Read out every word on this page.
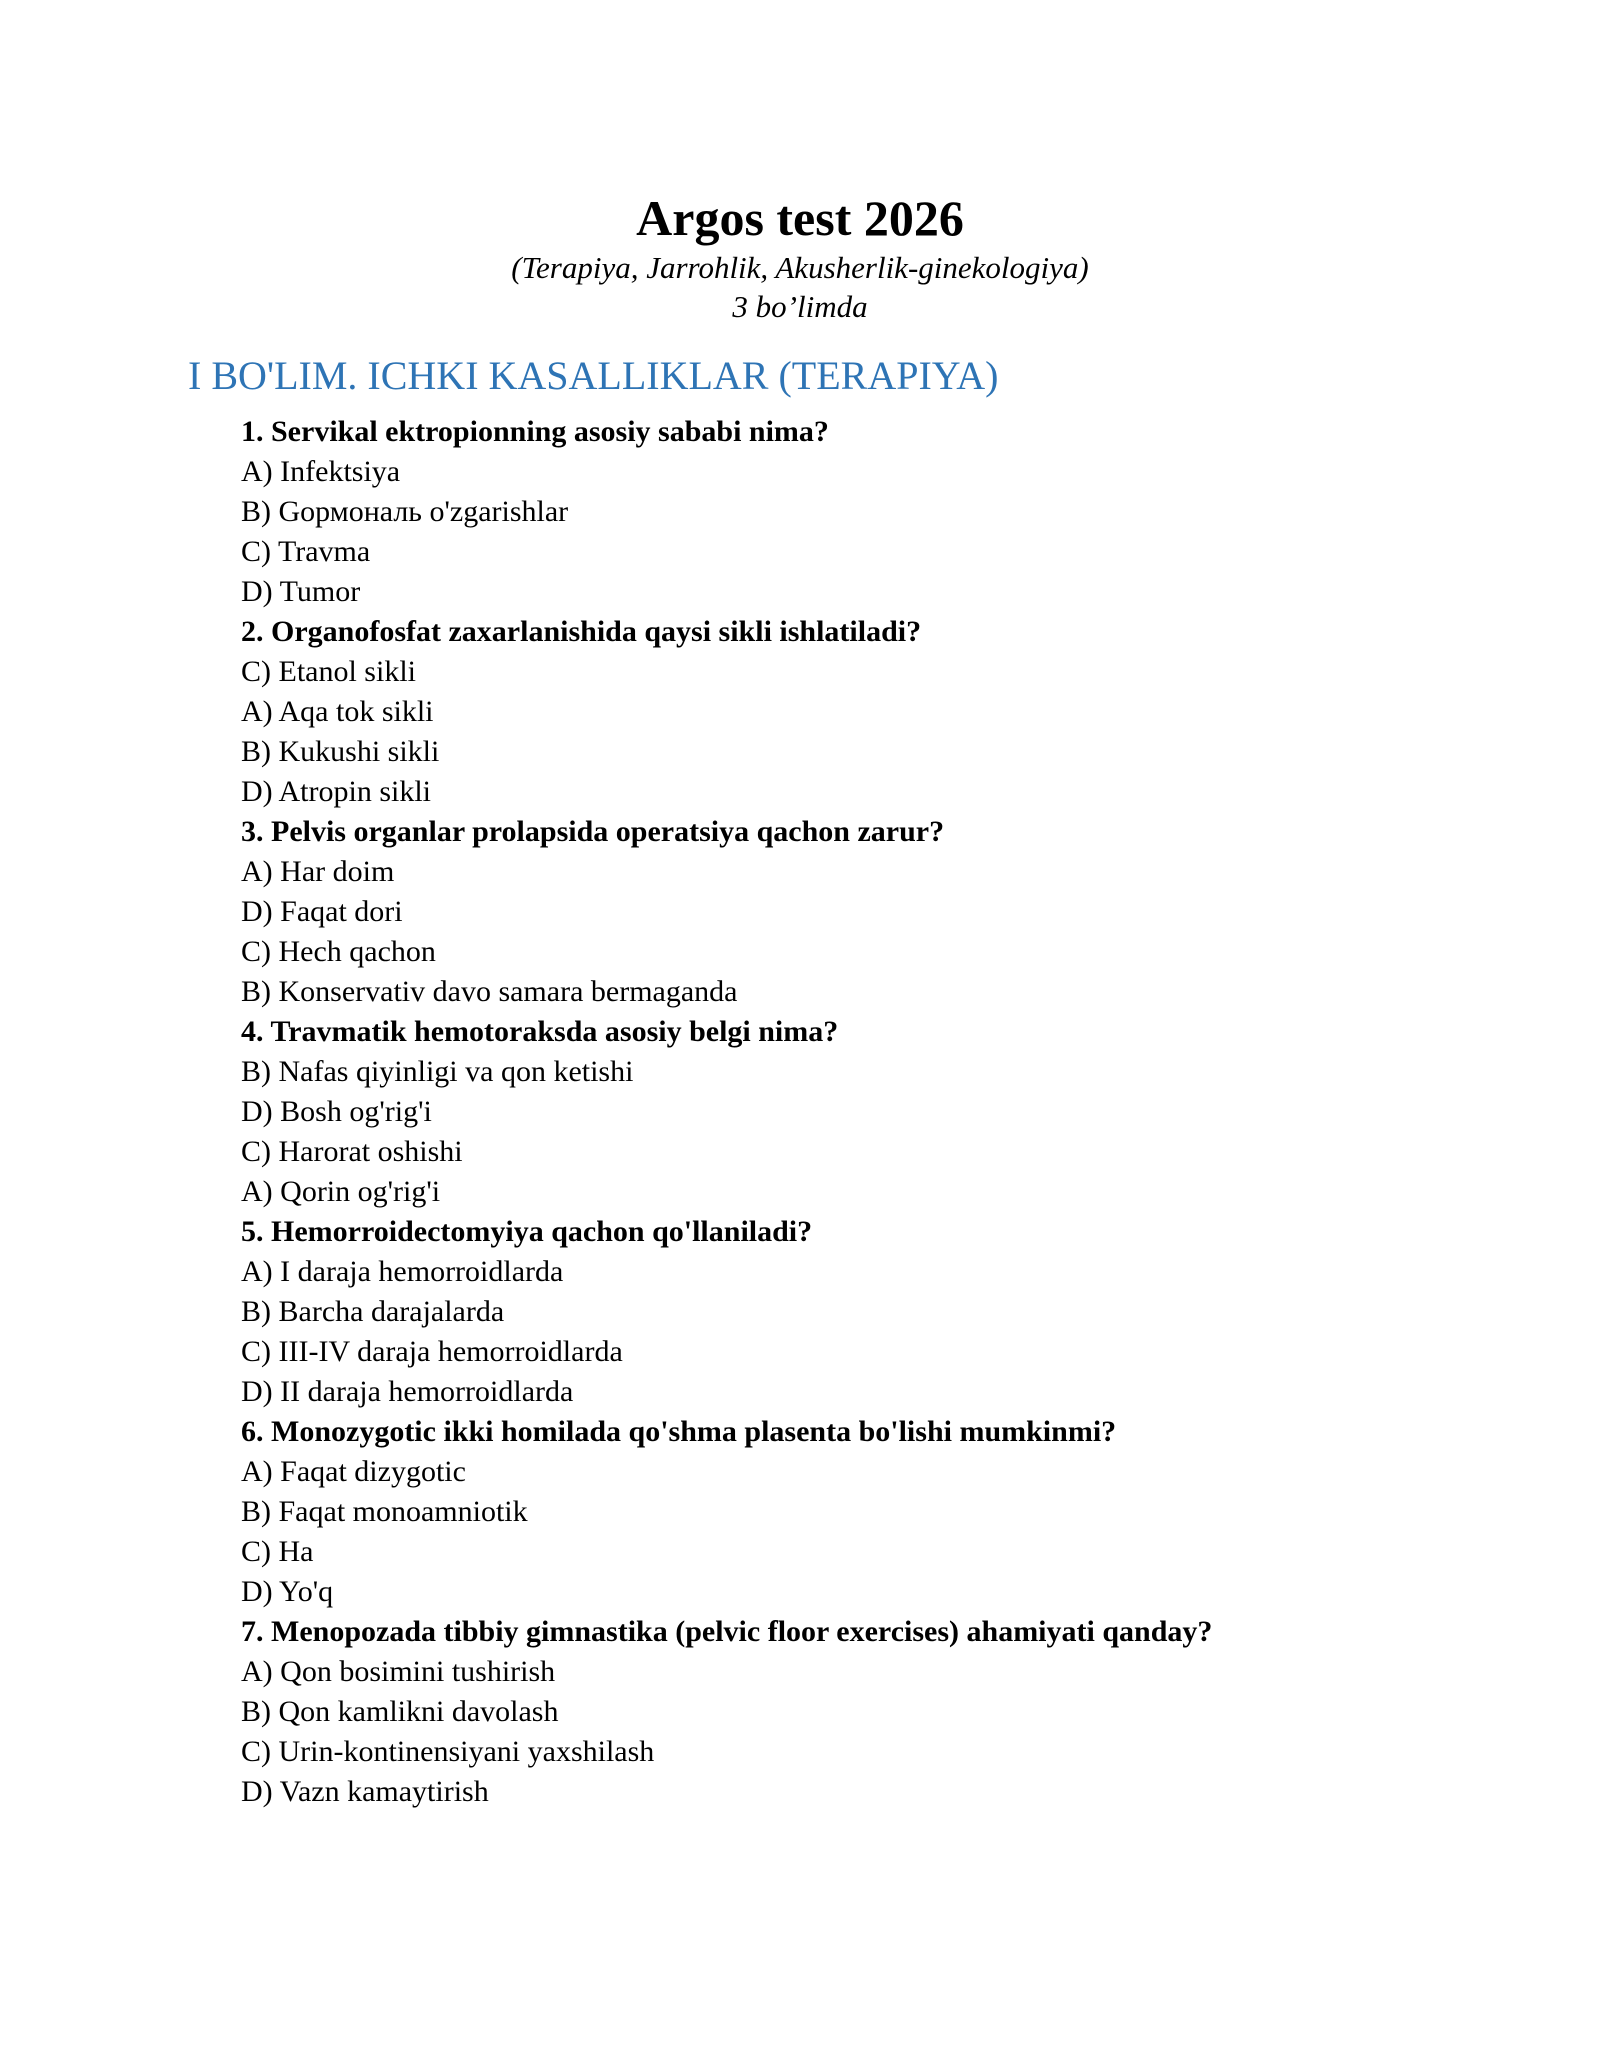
Argos test 2026
(Terapiya, Jarrohlik, Akusherlik-ginekologiya)
3 bo’limda
I BO'LIM. ICHKI KASALLIKLAR (TERAPIYA)
1. Servikal ektropionning asosiy sababi nima?
A) Infektsiya
B) Gормональ o'zgarishlar
C) Travma
D) Tumor
2. Organofosfat zaxarlanishida qaysi sikli ishlatiladi?
C) Etanol sikli
A) Aqa tok sikli
B) Kukushi sikli
D) Atropin sikli
3. Pelvis organlar prolapsida operatsiya qachon zarur?
A) Har doim
D) Faqat dori
C) Hech qachon
B) Konservativ davo samara bermaganda
4. Travmatik hemotoraksda asosiy belgi nima?
B) Nafas qiyinligi va qon ketishi
D) Bosh og'rig'i
C) Harorat oshishi
A) Qorin og'rig'i
5. Hemorroidectomyiya qachon qo'llaniladi?
A) I daraja hemorroidlarda
B) Barcha darajalarda
C) III-IV daraja hemorroidlarda
D) II daraja hemorroidlarda
6. Monozygotic ikki homilada qo'shma plasenta bo'lishi mumkinmi?
A) Faqat dizygotic
B) Faqat monoamniotik
C) Ha
D) Yo'q
7. Menopozada tibbiy gimnastika (pelvic floor exercises) ahamiyati qanday?
A) Qon bosimini tushirish
B) Qon kamlikni davolash
C) Urin-kontinensiyani yaxshilash
D) Vazn kamaytirish
